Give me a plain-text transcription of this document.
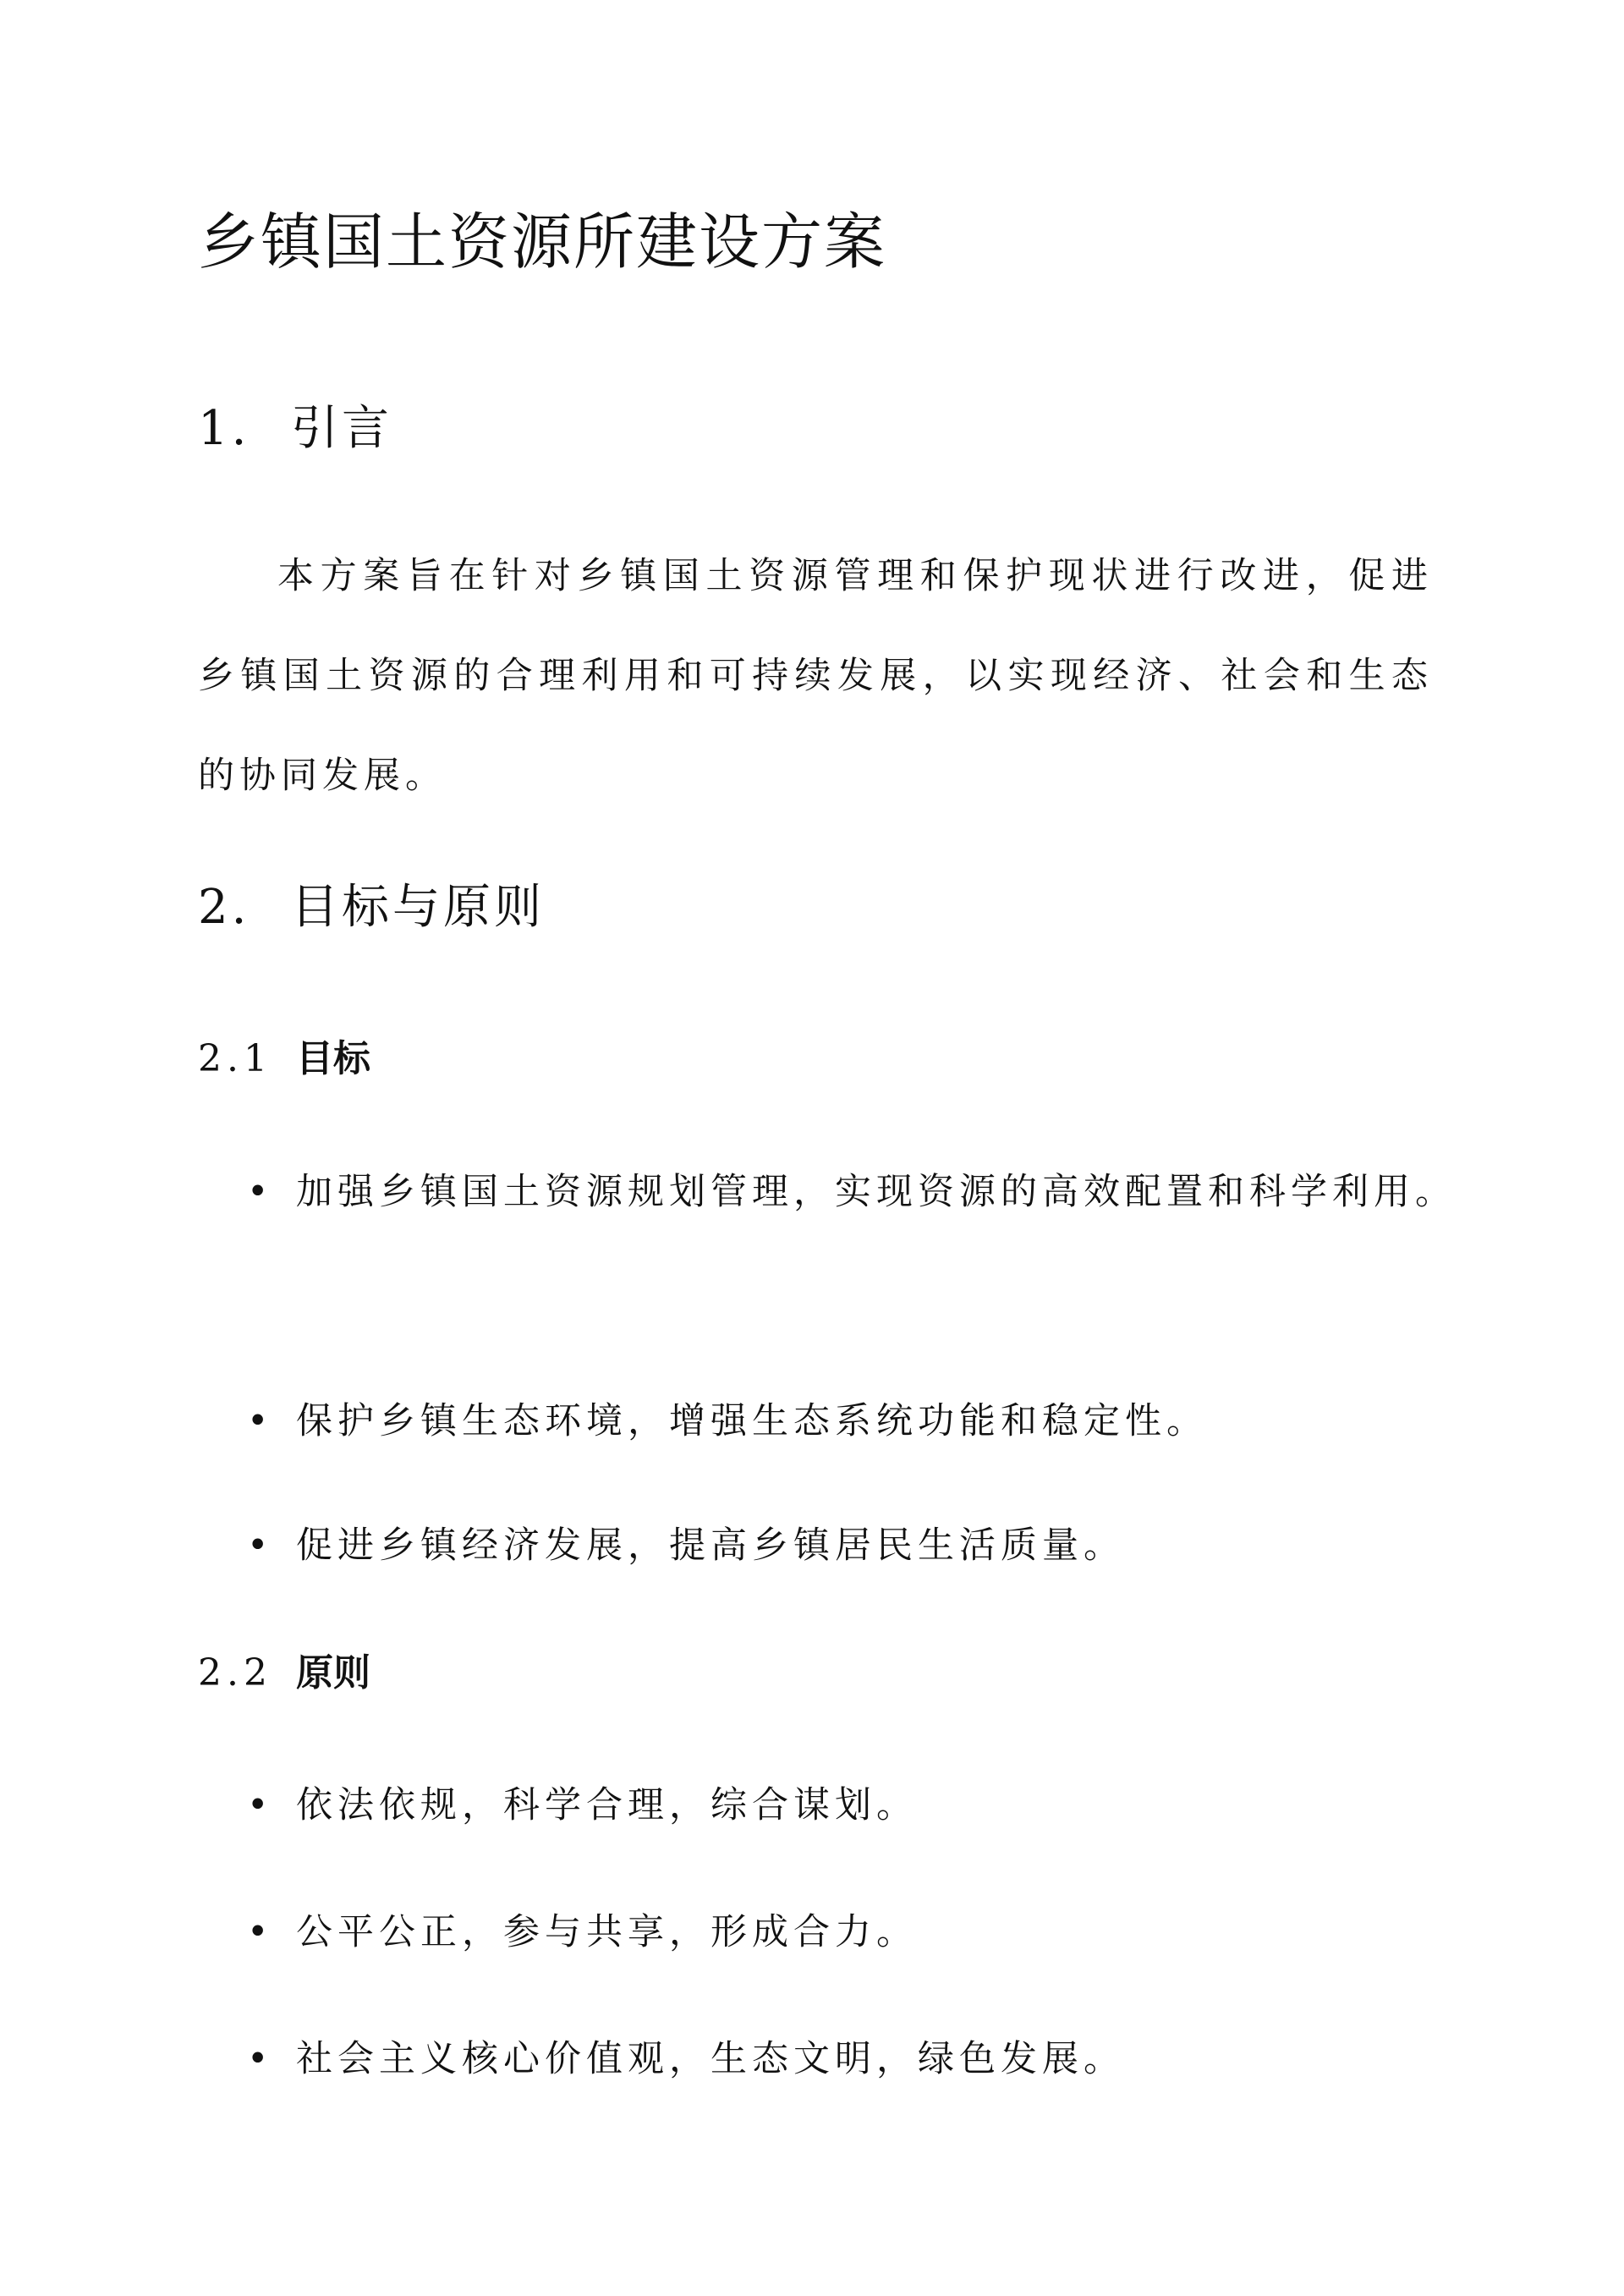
乡镇国土资源所建设方案
1. 引言
本方案旨在针对乡镇国土资源管理和保护现状进行改进，促进乡镇国土资源的合理利用和可持续发展，以实现经济、社会和生态的协同发展。
2. 目标与原则
2.1 目标
• 加强乡镇国土资源规划管理，实现资源的高效配置和科学利用。
• 保护乡镇生态环境，增强生态系统功能和稳定性。
• 促进乡镇经济发展，提高乡镇居民生活质量。
2.2 原则
• 依法依规，科学合理，综合谋划。
• 公平公正，参与共享，形成合力。
• 社会主义核心价值观，生态文明，绿色发展。
